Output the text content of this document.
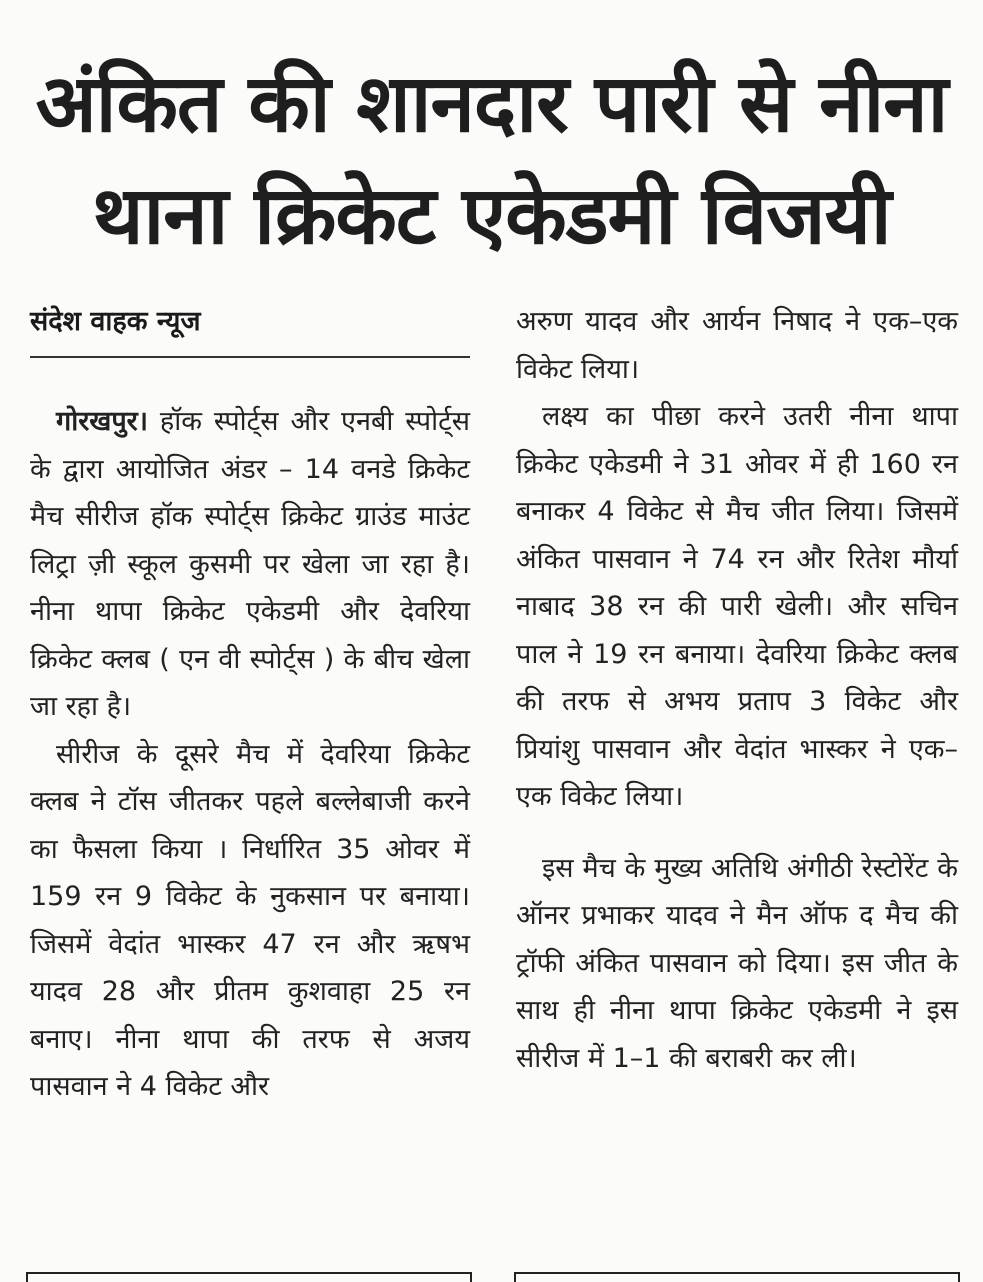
अंकित की शानदार पारी से नीना
थाना क्रिकेट एकेडमी विजयी
संदेश वाहक न्यूज

गोरखपुर। हॉक स्पोर्ट्स और एनबी स्पोर्ट्स के द्वारा आयोजित अंडर – 14 वनडे क्रिकेट मैच सीरीज हॉक स्पोर्ट्स क्रिकेट ग्राउंड माउंट लिट्रा ज़ी स्कूल कुसमी पर खेला जा रहा है। नीना थापा क्रिकेट एकेडमी और देवरिया क्रिकेट क्लब ( एन वी स्पोर्ट्स ) के बीच खेला जा रहा है।

सीरीज के दूसरे मैच में देवरिया क्रिकेट क्लब ने टॉस जीतकर पहले बल्लेबाजी करने का फैसला किया । निर्धारित 35 ओवर में 159 रन 9 विकेट के नुकसान पर बनाया। जिसमें वेदांत भास्कर 47 रन और ऋषभ यादव 28 और प्रीतम कुशवाहा 25 रन बनाए। नीना थापा की तरफ से अजय पासवान ने 4 विकेट और

अरुण यादव और आर्यन निषाद ने एक–एक विकेट लिया।

लक्ष्य का पीछा करने उतरी नीना थापा क्रिकेट एकेडमी ने 31 ओवर में ही 160 रन बनाकर 4 विकेट से मैच जीत लिया। जिसमें अंकित पासवान ने 74 रन और रितेश मौर्या नाबाद 38 रन की पारी खेली। और सचिन पाल ने 19 रन बनाया। देवरिया क्रिकेट क्लब की तरफ से अभय प्रताप 3 विकेट और प्रियांशु पासवान और वेदांत भास्कर ने एक–एक विकेट लिया।

इस मैच के मुख्य अतिथि अंगीठी रेस्टोरेंट के ऑनर प्रभाकर यादव ने मैन ऑफ द मैच की ट्रॉफी अंकित पासवान को दिया। इस जीत के साथ ही नीना थापा क्रिकेट एकेडमी ने इस सीरीज में 1–1 की बराबरी कर ली।
